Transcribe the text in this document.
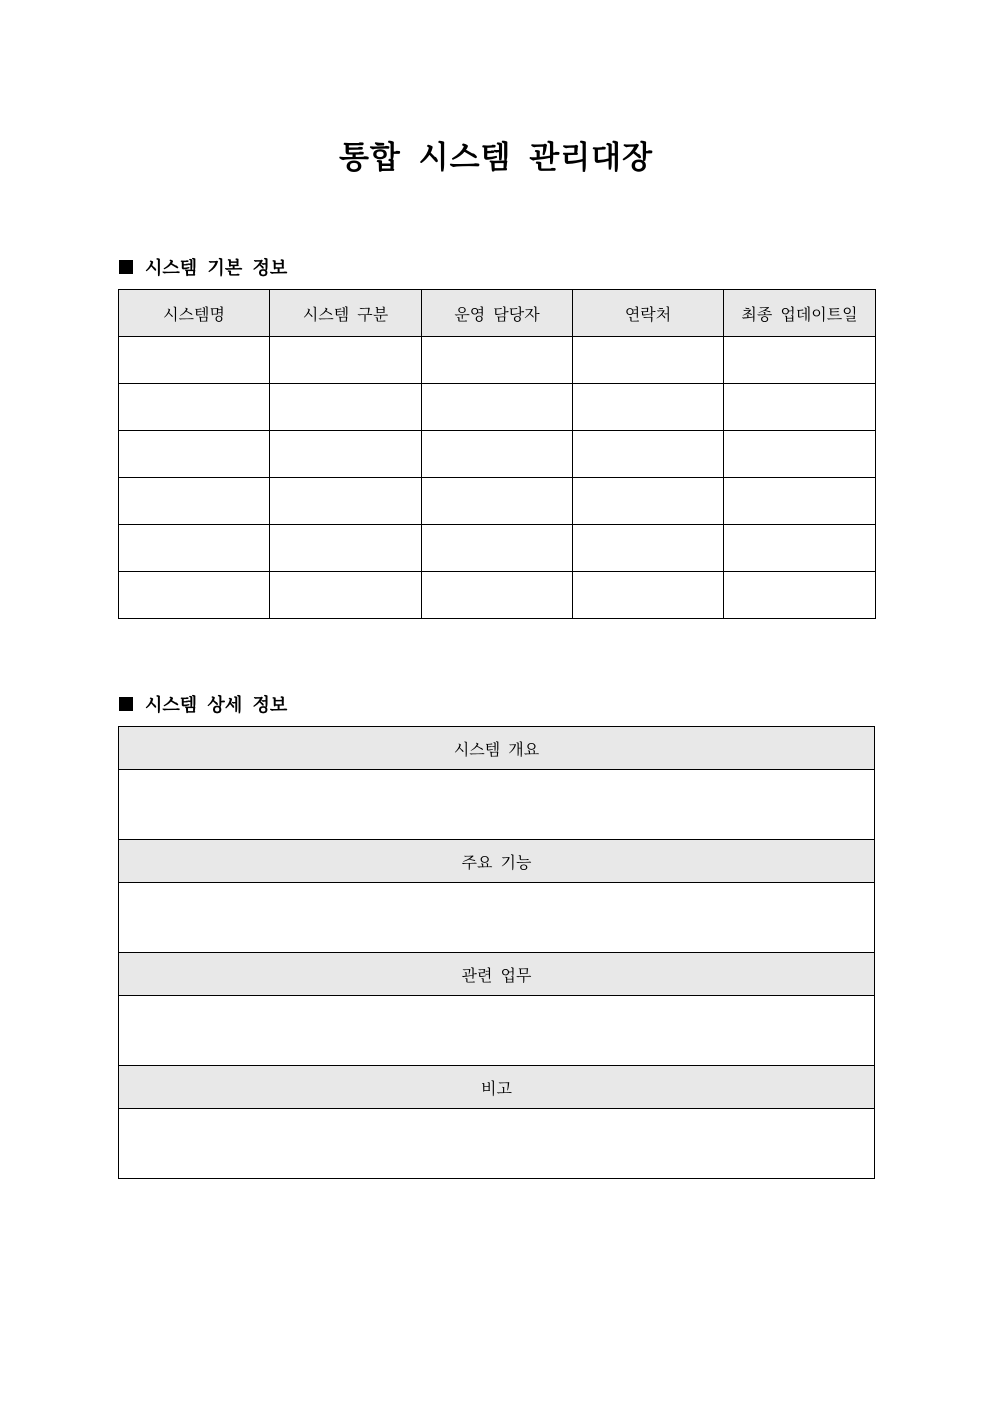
통합 시스템 관리대장
시스템 기본 정보
시스템명	시스템 구분	운영 담당자	연락처	최종 업데이트일

시스템 상세 정보
시스템 개요

주요 기능

관련 업무

비고
